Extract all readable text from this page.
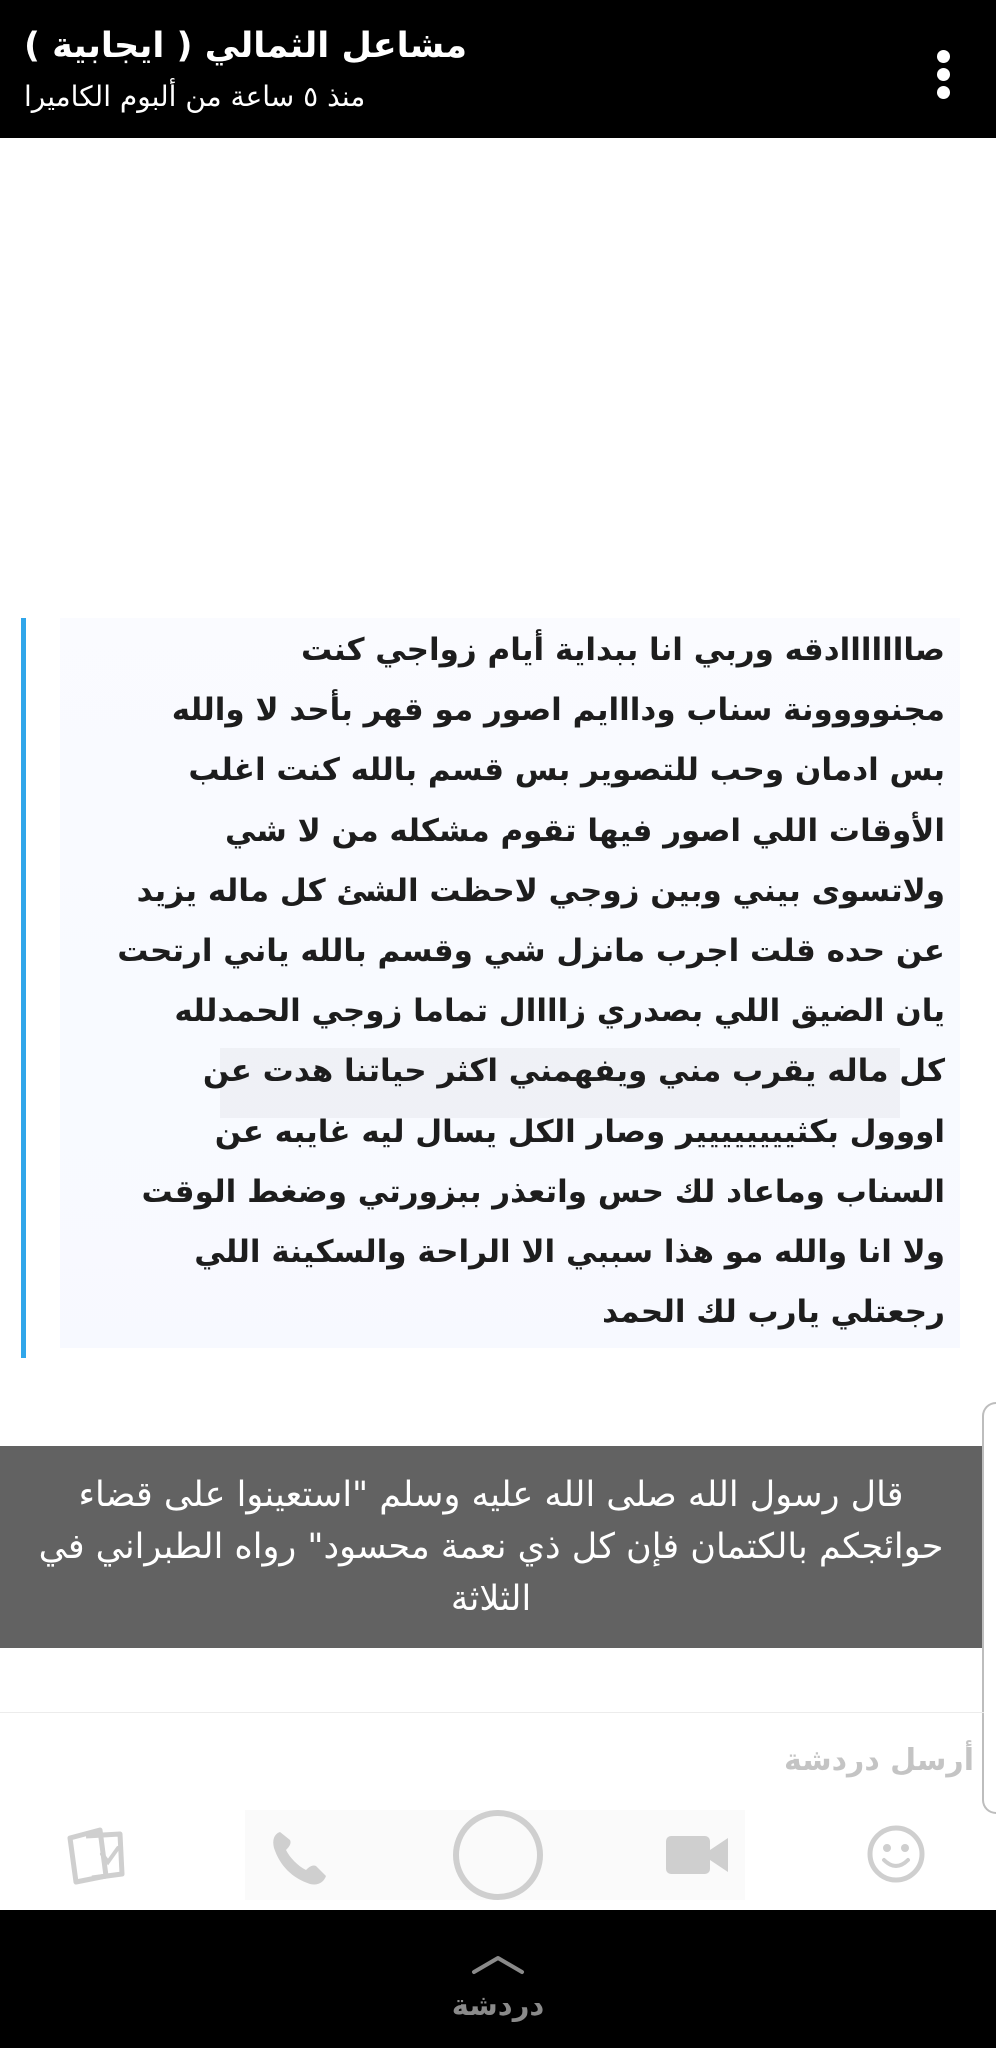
مشاعل الثمالي ( ايجابية )
منذ ٥ ساعة من ألبوم الكاميرا
صااااااادقه وربي انا ببداية أيام زواجي كنت
مجنوووونة سناب ودااايم اصور مو قهر بأحد لا والله
بس ادمان وحب للتصوير بس قسم بالله كنت اغلب
الأوقات اللي اصور فيها تقوم مشكله من لا شي
ولاتسوى بيني وبين زوجي لاحظت الشئ كل ماله يزيد
عن حده قلت اجرب مانزل شي وقسم بالله ياني ارتحت
يان الضيق اللي بصدري زاااال تماما زوجي الحمدلله
كل ماله يقرب مني ويفهمني اكثر حياتنا هدت عن
اووول بكثيييييييير وصار الكل يسال ليه غايبه عن
السناب وماعاد لك حس واتعذر ببزورتي وضغط الوقت
ولا انا والله مو هذا سببي الا الراحة والسكينة اللي
رجعتلي يارب لك الحمد
قال رسول الله صلى الله عليه وسلم "استعينوا على قضاء حوائجكم بالكتمان فإن كل ذي نعمة محسود" رواه الطبراني في الثلاثة
أرسل دردشة
دردشة
